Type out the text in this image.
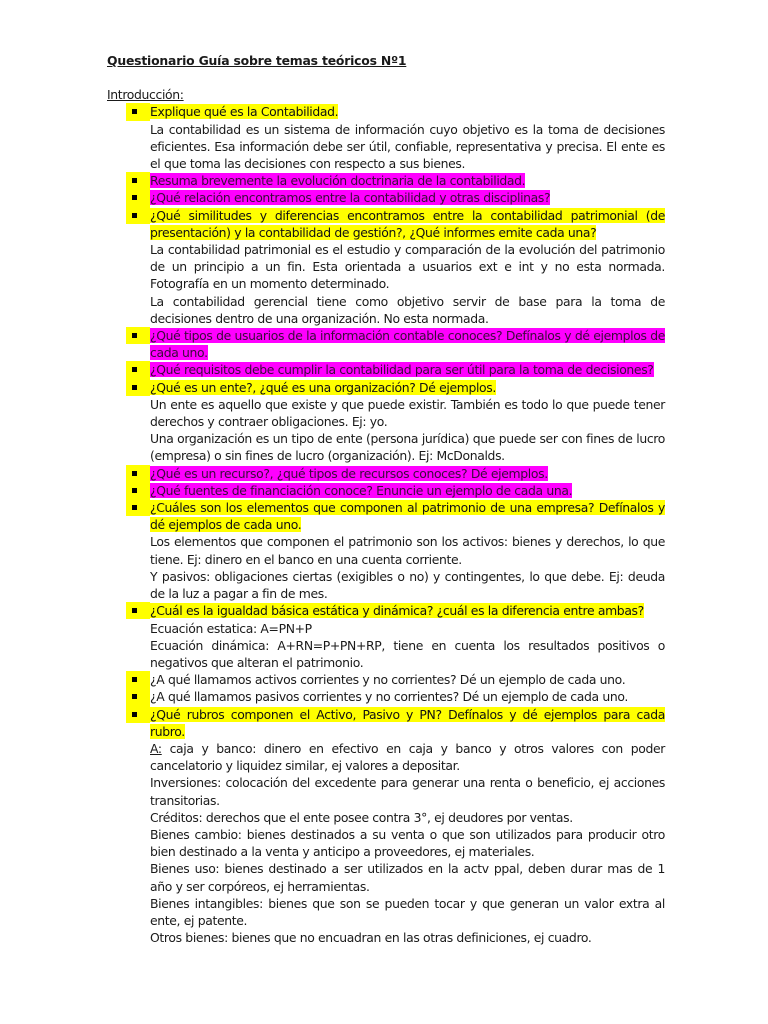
Questionario Guía sobre temas teóricos Nº1

Introducción:

Explique qué es la Contabilidad.

La contabilidad es un sistema de información cuyo objetivo es la toma de decisiones eficientes. Esa información debe ser útil, confiable, representativa y precisa. El ente es el que toma las decisiones con respecto a sus bienes.

Resuma brevemente la evolución doctrinaria de la contabilidad.
¿Qué relación encontramos entre la contabilidad y otras disciplinas?
¿Qué similitudes y diferencias encontramos entre la contabilidad patrimonial (de presentación) y la contabilidad de gestión?, ¿Qué informes emite cada una?

La contabilidad patrimonial es el estudio y comparación de la evolución del patrimonio de un principio a un fin. Esta orientada a usuarios ext e int y no esta normada. Fotografía en un momento determinado.

La contabilidad gerencial tiene como objetivo servir de base para la toma de decisiones dentro de una organización. No esta normada.

¿Qué tipos de usuarios de la información contable conoces? Defínalos y dé ejemplos de cada uno.
¿Qué requisitos debe cumplir la contabilidad para ser útil para la toma de decisiones?
¿Qué es un ente?, ¿qué es una organización? Dé ejemplos.

Un ente es aquello que existe y que puede existir. También es todo lo que puede tener derechos y contraer obligaciones. Ej: yo.

Una organización es un tipo de ente (persona jurídica) que puede ser con fines de lucro (empresa) o sin fines de lucro (organización). Ej: McDonalds.

¿Qué es un recurso?, ¿qué tipos de recursos conoces? Dé ejemplos.
¿Qué fuentes de financiación conoce? Enuncie un ejemplo de cada una.
¿Cuáles son los elementos que componen al patrimonio de una empresa? Defínalos y dé ejemplos de cada uno.

Los elementos que componen el patrimonio son los activos: bienes y derechos, lo que tiene. Ej: dinero en el banco en una cuenta corriente.

Y pasivos: obligaciones ciertas (exigibles o no) y contingentes, lo que debe. Ej: deuda de la luz a pagar a fin de mes.

¿Cuál es la igualdad básica estática y dinámica? ¿cuál es la diferencia entre ambas?

Ecuación estatica: A=PN+P

Ecuación dinámica: A+RN=P+PN+RP, tiene en cuenta los resultados positivos o negativos que alteran el patrimonio.

¿A qué llamamos activos corrientes y no corrientes? Dé un ejemplo de cada uno.
¿A qué llamamos pasivos corrientes y no corrientes? Dé un ejemplo de cada uno.
¿Qué rubros componen el Activo, Pasivo y PN? Defínalos y dé ejemplos para cada rubro.

A: caja y banco: dinero en efectivo en caja y banco y otros valores con poder cancelatorio y liquidez similar, ej valores a depositar.

Inversiones: colocación del excedente para generar una renta o beneficio, ej acciones transitorias.

Créditos: derechos que el ente posee contra 3°, ej deudores por ventas.

Bienes cambio: bienes destinados a su venta o que son utilizados para producir otro bien destinado a la venta y anticipo a proveedores, ej materiales.

Bienes uso: bienes destinado a ser utilizados en la actv ppal, deben durar mas de 1 año y ser corpóreos, ej herramientas.

Bienes intangibles: bienes que son se pueden tocar y que generan un valor extra al ente, ej patente.

Otros bienes: bienes que no encuadran en las otras definiciones, ej cuadro.
